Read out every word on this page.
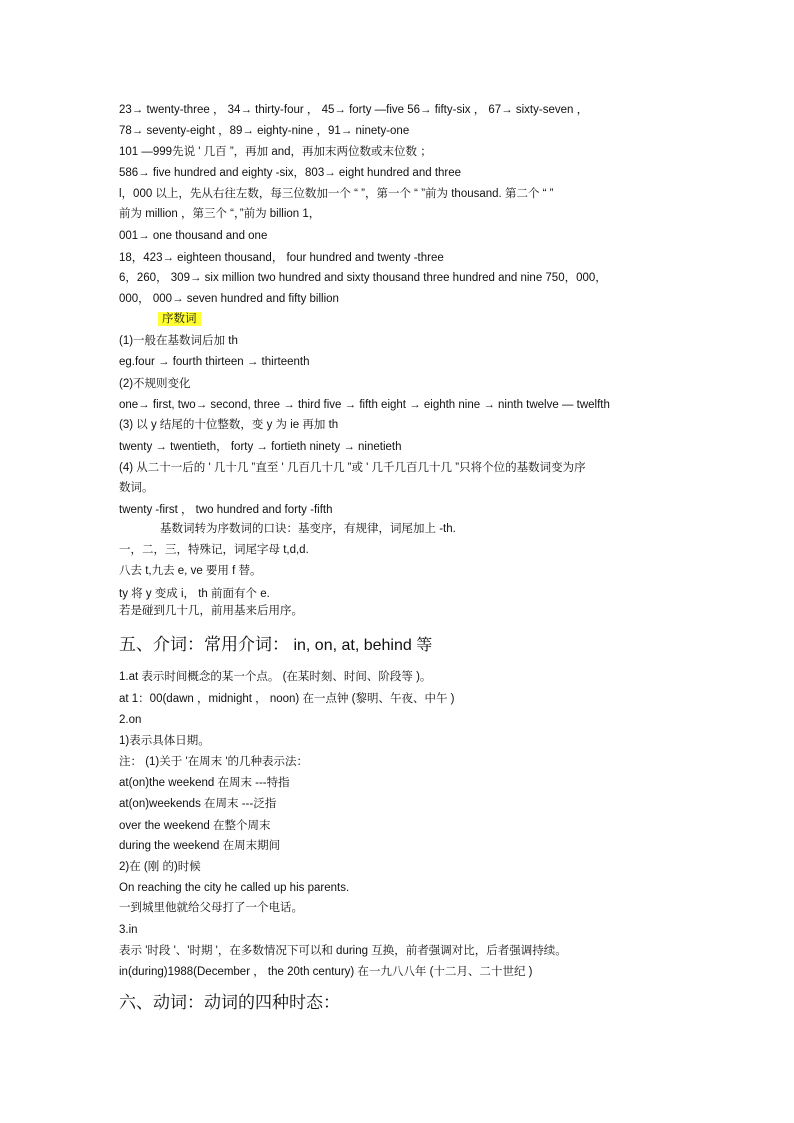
23→ twenty-three ， 34→ thirty-four ， 45→ forty —five 56→ fifty-six ， 67→ sixty-seven ，
78→ seventy-eight ，89→ eighty-nine ，91→ ninety-one
101 —999先说 ' 几百 ”，再加 and，再加末两位数或末位数 ；
586→ five hundred and eighty -six，803→ eight hundred and three
l，000 以上，先从右往左数，每三位数加一个 “ ”，第一个 “ ”前为 thousand. 第二个 “ ”
前为 million ，第三个 “，”前为 billion 1，
001→ one thousand and one
18，423→ eighteen thousand， four hundred and twenty -three
6，260， 309→ six million two hundred and sixty thousand three hundred and nine 750，000，
000， 000→ seven hundred and fifty billion
序数词
(1)一般在基数词后加 th
eg.four → fourth thirteen → thirteenth
(2)不规则变化
one→ first, two→ second, three → third five → fifth eight → eighth nine → ninth twelve — twelfth
(3) 以 y 结尾的十位整数，变 y 为 ie 再加 th
twenty → twentieth， forty → fortieth ninety → ninetieth
(4) 从二十一后的 ' 几十几 ”直至 ' 几百几十几 ”或 ' 几千几百几十几 ”只将个位的基数词变为序
数词。
twenty -first ， two hundred and forty -fifth
基数词转为序数词的口诀：基变序，有规律，词尾加上 -th.
一，二，三，特殊记，词尾字母 t,d,d.
八去 t,九去 e, ve 要用 f 替。
ty 将 y 变成 i， th 前面有个 e.
若是碰到几十几，前用基来后用序。
五、介词：常用介词： in, on, at, behind 等
1.at 表示时间概念的某一个点。 (在某时刻、时间、阶段等 )。
at 1：00(dawn ，midnight ， noon) 在一点钟 (黎明、午夜、中午 )
2.on
1)表示具体日期。
注： (1)关于 '在周末 '的几种表示法：
at(on)the weekend 在周末 ---特指
at(on)weekends 在周末 ---泛指
over the weekend 在整个周末
during the weekend 在周末期间
2)在 (刚 的)时候
On reaching the city he called up his parents.
一到城里他就给父母打了一个电话。
3.in
表示 '时段 '、'时期 '，在多数情况下可以和 during 互换，前者强调对比，后者强调持续。
in(during)1988(December ， the 20th century) 在一九八八年 (十二月、二十世纪 )
六、动词：动词的四种时态：
